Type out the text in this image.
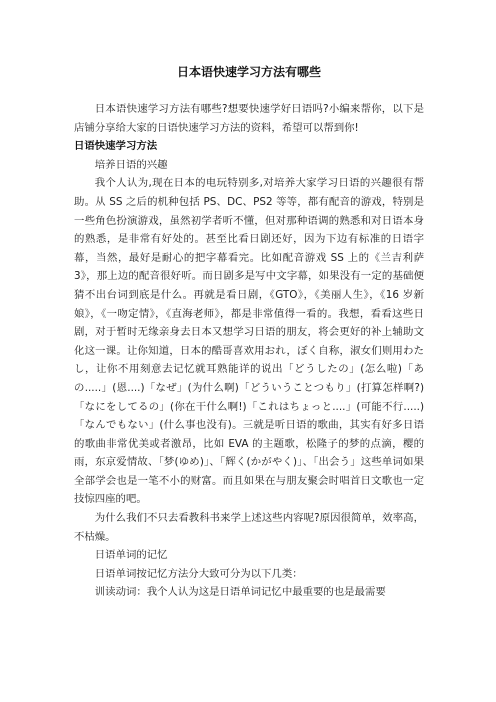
日本语快速学习方法有哪些

日本语快速学习方法有哪些?想要快速学好日语吗?小编来帮你，以下是店铺分享给大家的日语快速学习方法的资料，希望可以帮到你!

日语快速学习方法

培养日语的兴趣

我个人认为,现在日本的电玩特别多,对培养大家学习日语的兴趣很有帮助。从 SS 之后的机种包括 PS、DC、PS2 等等，都有配音的游戏，特别是一些角色扮演游戏，虽然初学者听不懂，但对那种语调的熟悉和对日语本身的熟悉，是非常有好处的。甚至比看日剧还好，因为下边有标准的日语字幕，当然，最好是耐心的把字幕看完。比如配音游戏 SS 上的《兰吉利萨 3》，那上边的配音很好听。而日剧多是写中文字幕，如果没有一定的基础便猜不出台词到底是什么。再就是看日剧，《GTO》，《美丽人生》，《16 岁新娘》，《一吻定情》，《直海老师》，都是非常值得一看的。我想，看看这些日剧，对于暂时无缘亲身去日本又想学习日语的朋友，将会更好的补上辅助文化这一课。让你知道，日本的酷哥喜欢用おれ，ぼく自称，淑女们则用わたし，让你不用刻意去记忆就耳熟能详的说出「どうしたの」(怎么啦)「あの.....」(恩....)「なぜ」(为什么啊)「どういうことつもり」(打算怎样啊?)「なにをしてるの」(你在干什么啊!)「これはちょっと....」(可能不行.....)「なんでもない」(什么事也没有)。三就是听日语的歌曲，其实有好多日语的歌曲非常优美或者激昂，比如 EVA 的主题歌，松隆子的梦的点滴，樱的雨，东京爱情故、「梦(ゆめ)」、「辉く(かがやく)」、「出会う」这些单词如果全部学会也是一笔不小的财富。而且如果在与朋友聚会时唱首日文歌也一定技惊四座的吧。

为什么我们不只去看教科书来学上述这些内容呢?原因很简单，效率高，不枯燥。

日语单词的记忆

日语单词按记忆方法分大致可分为以下几类：

训读动词：我个人认为这是日语单词记忆中最重要的也是最需要
